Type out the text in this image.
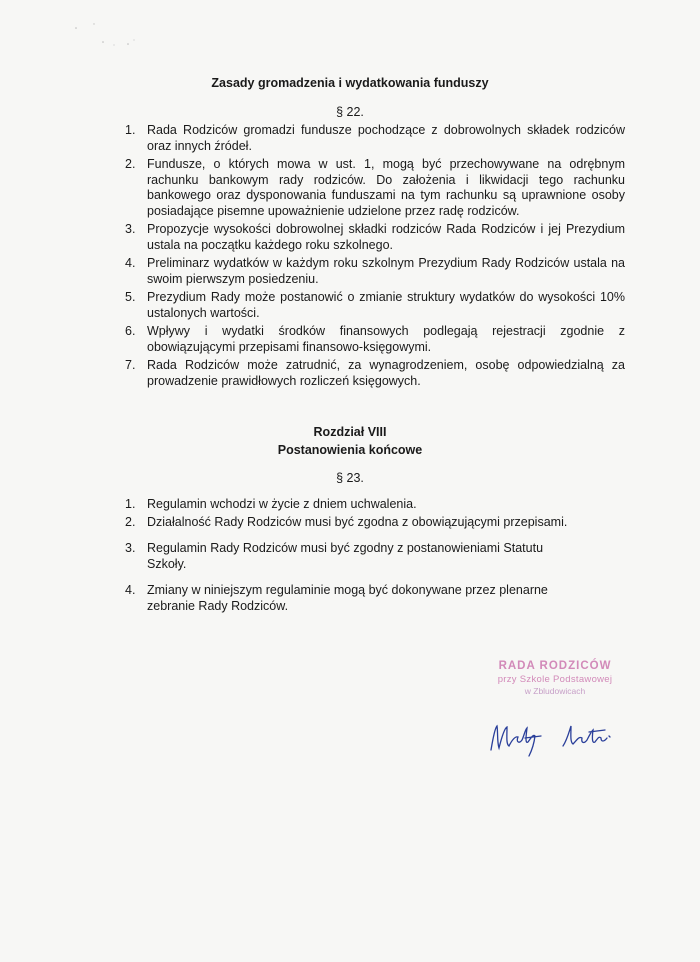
Zasady gromadzenia i wydatkowania funduszy
§ 22.
1. Rada Rodziców gromadzi fundusze pochodzące z dobrowolnych składek rodziców oraz innych źródeł.
2. Fundusze, o których mowa w ust. 1, mogą być przechowywane na odrębnym rachunku bankowym rady rodziców. Do założenia i likwidacji tego rachunku bankowego oraz dysponowania funduszami na tym rachunku są uprawnione osoby posiadające pisemne upoważnienie udzielone przez radę rodziców.
3. Propozycje wysokości dobrowolnej składki rodziców Rada Rodziców i jej Prezydium ustala na początku każdego roku szkolnego.
4. Preliminarz wydatków w każdym roku szkolnym Prezydium Rady Rodziców ustala na swoim pierwszym posiedzeniu.
5. Prezydium Rady może postanowić o zmianie struktury wydatków do wysokości 10% ustalonych wartości.
6. Wpływy i wydatki środków finansowych podlegają rejestracji zgodnie z obowiązującymi przepisami finansowo-księgowymi.
7. Rada Rodziców może zatrudnić, za wynagrodzeniem, osobę odpowiedzialną za prowadzenie prawidłowych rozliczeń księgowych.
Rozdział VIII
Postanowienia końcowe
§ 23.
1. Regulamin wchodzi w życie z dniem uchwalenia.
2. Działalność Rady Rodziców musi być zgodna z obowiązującymi przepisami.
3. Regulamin Rady Rodziców musi być zgodny z postanowieniami Statutu Szkoły.
4. Zmiany w niniejszym regulaminie mogą być dokonywane przez plenarne zebranie Rady Rodziców.
RADA RODZICÓW
przy Szkole Podstawowej
w Zbludowicach
